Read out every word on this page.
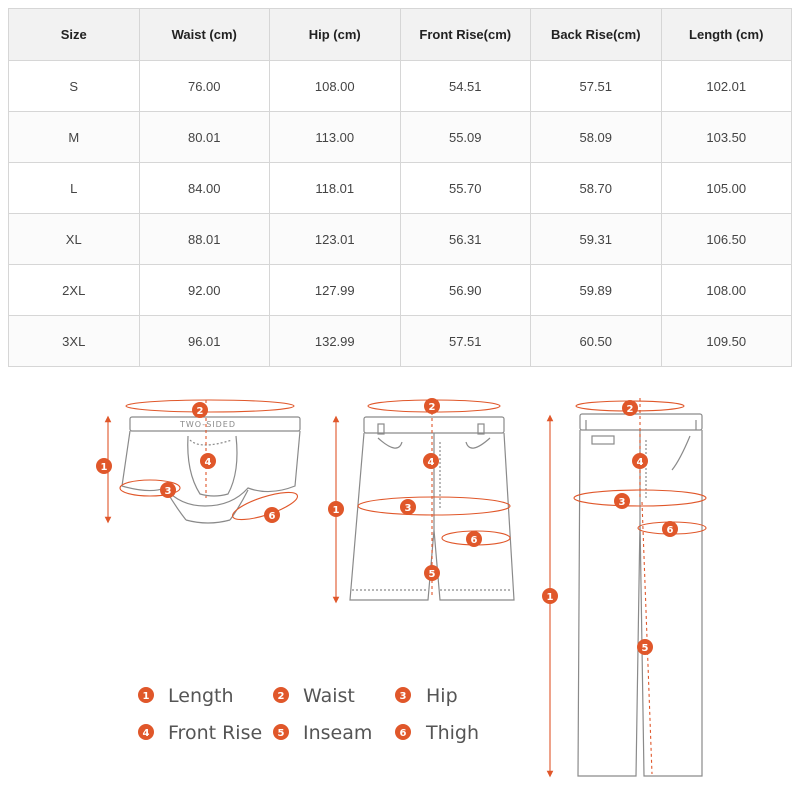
Size	Waist (cm)	Hip (cm)	Front Rise(cm)	Back Rise(cm)	Length (cm)
S	76.00	108.00	54.51	57.51	102.01
M	80.01	113.00	55.09	58.09	103.50
L	84.00	118.01	55.70	58.70	105.00
XL	88.01	123.01	56.31	59.31	106.50
2XL	92.00	127.99	56.90	59.89	108.00
3XL	96.01	132.99	57.51	60.50	109.50
TWO-SIDED
1
2
3
4
6
1
2
3
4
5
6
1
2
3
4
5
6
1 Length	2 Waist	3 Hip
4 Front Rise 5 Inseam	6 Thigh
